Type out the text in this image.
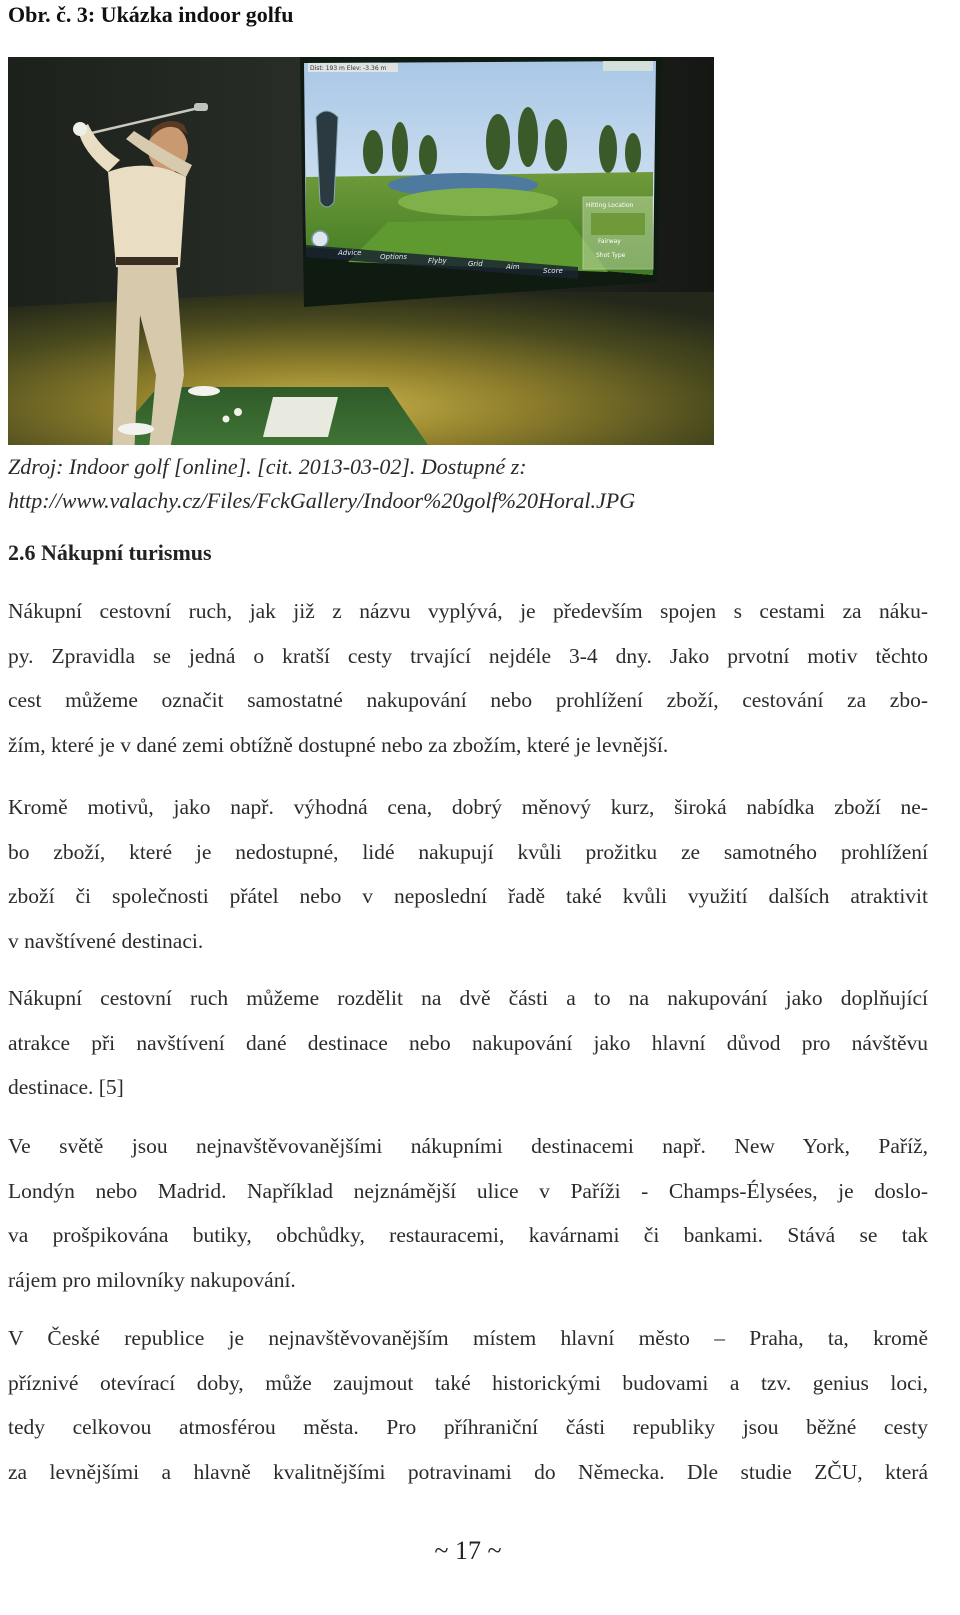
Obr. č. 3: Ukázka indoor golfu
Dist: 193 m Elev: -3.36 m
Hitting Location
Fairway
Shot Type
Advice	Options	Flyby	Grid	Aim	Score
Zdroj: Indoor golf [online]. [cit. 2013-03-02]. Dostupné z:
http://www.valachy.cz/Files/FckGallery/Indoor%20golf%20Horal.JPG
2.6 Nákupní turismus
Nákupní cestovní ruch, jak již z názvu vyplývá, je především spojen s cestami za náku-
py. Zpravidla se jedná o kratší cesty trvající nejdéle 3-4 dny. Jako prvotní motiv těchto
cest můžeme označit samostatné nakupování nebo prohlížení zboží, cestování za zbo-
žím, které je v dané zemi obtížně dostupné nebo za zbožím, které je levnější.
Kromě motivů, jako např. výhodná cena, dobrý měnový kurz, široká nabídka zboží ne-
bo zboží, které je nedostupné, lidé nakupují kvůli prožitku ze samotného prohlížení
zboží či společnosti přátel nebo v neposlední řadě také kvůli využití dalších atraktivit
v navštívené destinaci.
Nákupní cestovní ruch můžeme rozdělit na dvě části a to na nakupování jako doplňující
atrakce při navštívení dané destinace nebo nakupování jako hlavní důvod pro návštěvu
destinace. [5]
Ve světě jsou nejnavštěvovanějšími nákupními destinacemi např. New York, Paříž,
Londýn nebo Madrid. Například nejznámější ulice v Paříži - Champs-Élysées, je doslo-
va prošpikována butiky, obchůdky, restauracemi, kavárnami či bankami. Stává se tak
rájem pro milovníky nakupování.
V České republice je nejnavštěvovanějším místem hlavní město – Praha, ta, kromě
příznivé otevírací doby, může zaujmout také historickými budovami a tzv. genius loci,
tedy celkovou atmosférou města. Pro příhraniční části republiky jsou běžné cesty
za levnějšími a hlavně kvalitnějšími potravinami do Německa. Dle studie ZČU, která
~ 17 ~
